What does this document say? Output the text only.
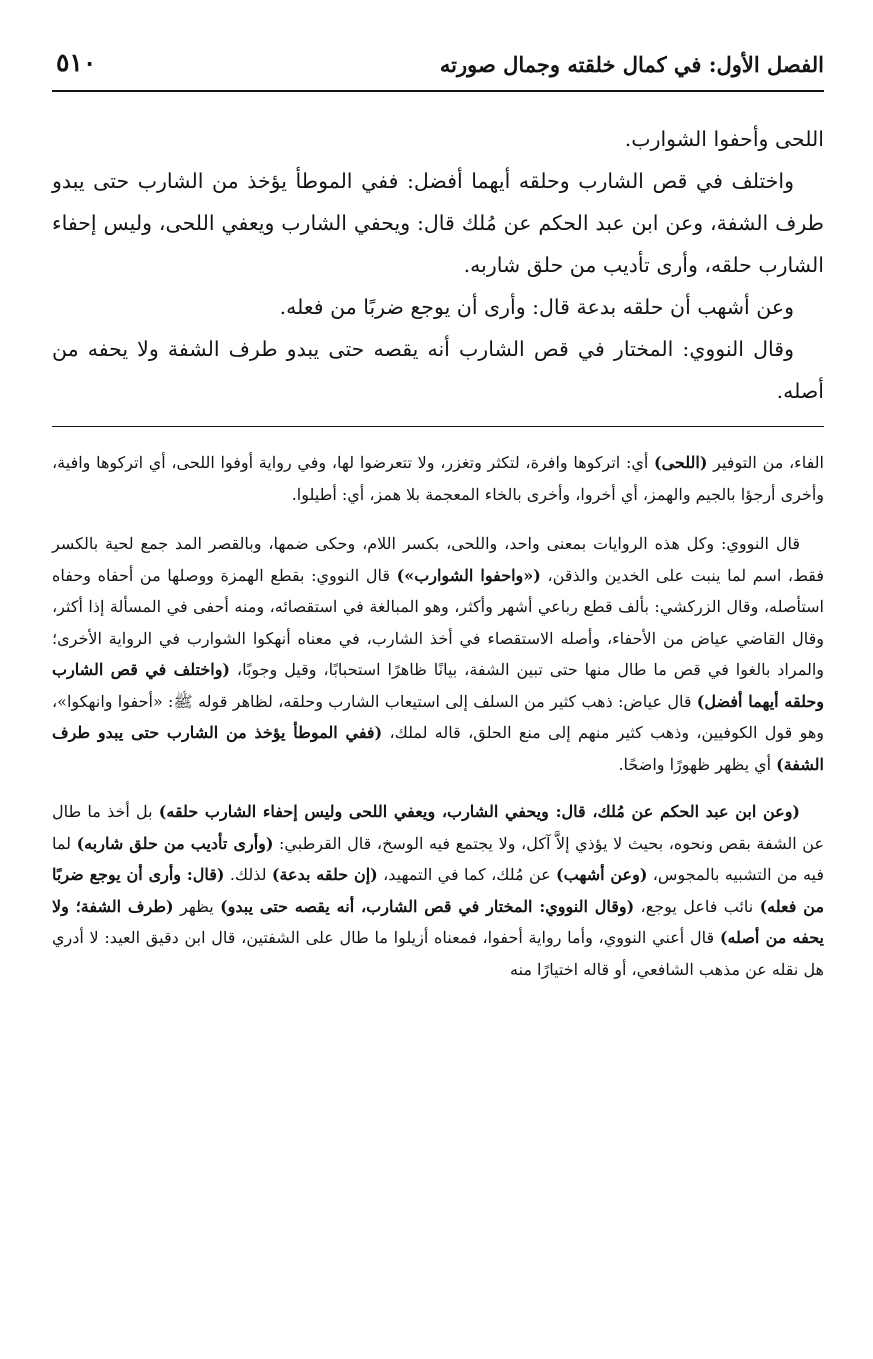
الفصل الأول: في كمال خلقته وجمال صورته
٥١٠

اللحى وأحفوا الشوارب.

واختلف في قص الشارب وحلقه أيهما أفضل: ففي الموطأ يؤخذ من الشارب حتى يبدو طرف الشفة، وعن ابن عبد الحكم عن مُلك قال: ويحفي الشارب ويعفي اللحى، وليس إحفاء الشارب حلقه، وأرى تأديب من حلق شاربه.

وعن أشهب أن حلقه بدعة قال: وأرى أن يوجع ضربًا من فعله.

وقال النووي: المختار في قص الشارب أنه يقصه حتى يبدو طرف الشفة ولا يحفه من أصله.

الفاء، من التوفير (اللحى) أي: اتركوها وافرة، لتكثر وتغزر، ولا تتعرضوا لها، وفي رواية أوفوا اللحى، أي اتركوها وافية، وأخرى أرجؤا بالجيم والهمز، أي أخروا، وأخرى بالخاء المعجمة بلا همز، أي: أطيلوا.

قال النووي: وكل هذه الروايات بمعنى واحد، واللحى، بكسر اللام، وحكى ضمها، وبالقصر المد جمع لحية بالكسر فقط، اسم لما ينبت على الخدين والذقن، («واحفوا الشوارب») قال النووي: بقطع الهمزة ووصلها من أحفاه وحفاه استأصله، وقال الزركشي: بألف قطع رباعي أشهر وأكثر، وهو المبالغة في استقصائه، ومنه أحفى في المسألة إذا أكثر، وقال القاضي عياض من الأحفاء، وأصله الاستقصاء في أخذ الشارب، في معناه أنهكوا الشوارب في الرواية الأخرى؛ والمراد بالغوا في قص ما طال منها حتى تبين الشفة، بيانًا ظاهرًا استحبابًا، وقيل وجوبًا، (واختلف في قص الشارب وحلقه أيهما أفضل) قال عياض: ذهب كثير من السلف إلى استيعاب الشارب وحلقه، لظاهر قوله ﷺ: «أحفوا وانهكوا»، وهو قول الكوفيين، وذهب كثير منهم إلى منع الحلق، قاله لملك، (ففي الموطأ يؤخذ من الشارب حتى يبدو طرف الشفة) أي يظهر ظهورًا واضحًا.

(وعن ابن عبد الحكم عن مُلك، قال: ويحفي الشارب، ويعفي اللحى وليس إحفاء الشارب حلقه) بل أخذ ما طال عن الشفة بقص ونحوه، بحيث لا يؤذي إلاَّ آكل، ولا يجتمع فيه الوسخ، قال القرطبي: (وأرى تأديب من حلق شاربه) لما فيه من التشبيه بالمجوس، (وعن أشهب) عن مُلك، كما في التمهيد، (إن حلقه بدعة) لذلك. (قال: وأرى أن يوجع ضربًا من فعله) نائب فاعل يوجع، (وقال النووي: المختار في قص الشارب، أنه يقصه حتى يبدو) يظهر (طرف الشفة؛ ولا يحفه من أصله) قال أعني النووي، وأما رواية أحفوا، فمعناه أزيلوا ما طال على الشفتين، قال ابن دقيق العيد: لا أدري هل نقله عن مذهب الشافعي، أو قاله اختيارًا منه
